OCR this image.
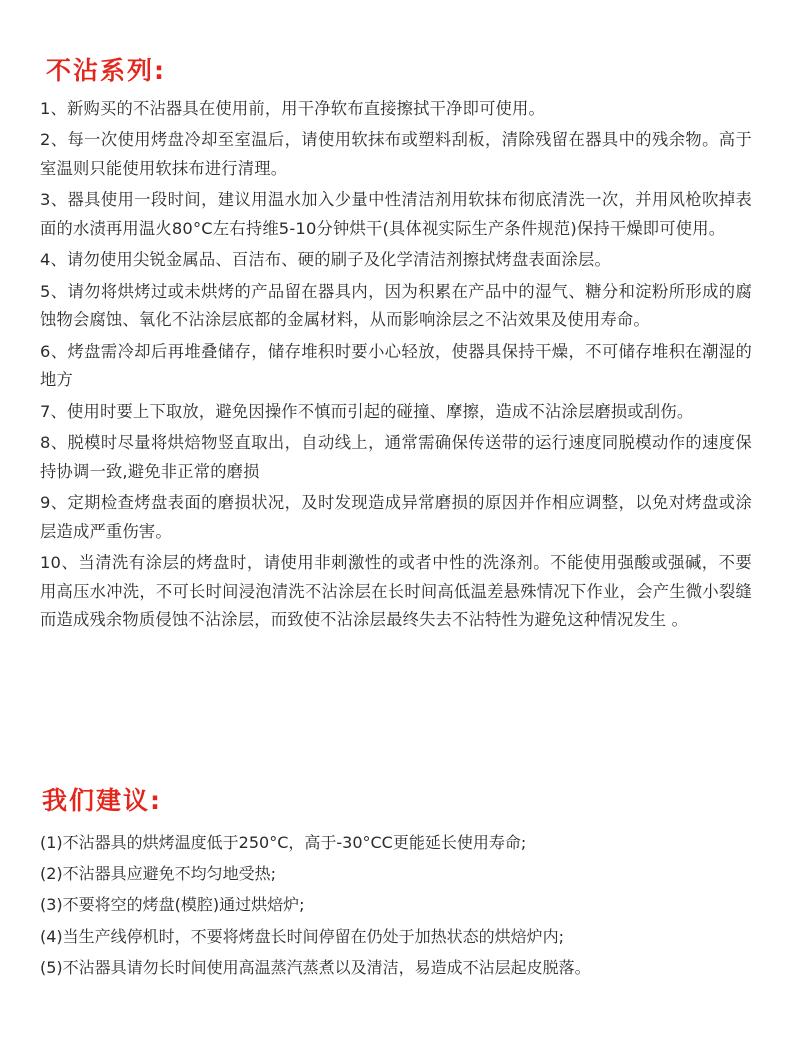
不沾系列:
1、新购买的不沾器具在使用前，用干净软布直接擦拭干净即可使用。
2、每一次使用烤盘冷却至室温后，请使用软抹布或塑料刮板，清除残留在器具中的残余物。高于室温则只能使用软抹布进行清理。
3、器具使用一段时间，建议用温水加入少量中性清洁剂用软抹布彻底清洗一次，并用风枪吹掉表面的水渍再用温火80°C左右持维5-10分钟烘干(具体视实际生产条件规范)保持干燥即可使用。
4、请勿使用尖锐金属品、百洁布、硬的刷子及化学清洁剂擦拭烤盘表面涂层。
5、请勿将烘烤过或未烘烤的产品留在器具内，因为积累在产品中的湿气、糖分和淀粉所形成的腐蚀物会腐蚀、氧化不沾涂层底都的金属材料，从而影响涂层之不沾效果及使用寿命。
6、烤盘需冷却后再堆叠储存，储存堆积时要小心轻放，使器具保持干燥，不可储存堆积在潮湿的地方
7、使用时要上下取放，避免因操作不慎而引起的碰撞、摩擦，造成不沾涂层磨损或刮伤。
8、脱模时尽量将烘焙物竖直取出，自动线上，通常需确保传送带的运行速度同脱模动作的速度保持协调一致,避免非正常的磨损
9、定期检查烤盘表面的磨损状况，及时发现造成异常磨损的原因并作相应调整，以免对烤盘或涂层造成严重伤害。
10、当清洗有涂层的烤盘时，请使用非刺激性的或者中性的洗涤剂。不能使用强酸或强碱，不要用高压水冲洗，不可长时间浸泡清洗不沾涂层在长时间高低温差悬殊情况下作业，会产生微小裂缝而造成残余物质侵蚀不沾涂层，而致使不沾涂层最终失去不沾特性为避免这种情况发生 。
我们建议:
(1)不沾器具的烘烤温度低于250°C，高于-30°CC更能延长使用寿命;
(2)不沾器具应避免不均匀地受热;
(3)不要将空的烤盘(模腔)通过烘焙炉;
(4)当生产线停机时，不要将烤盘长时间停留在仍处于加热状态的烘焙炉内;
(5)不沾器具请勿长时间使用高温蒸汽蒸煮以及清洁，易造成不沾层起皮脱落。
